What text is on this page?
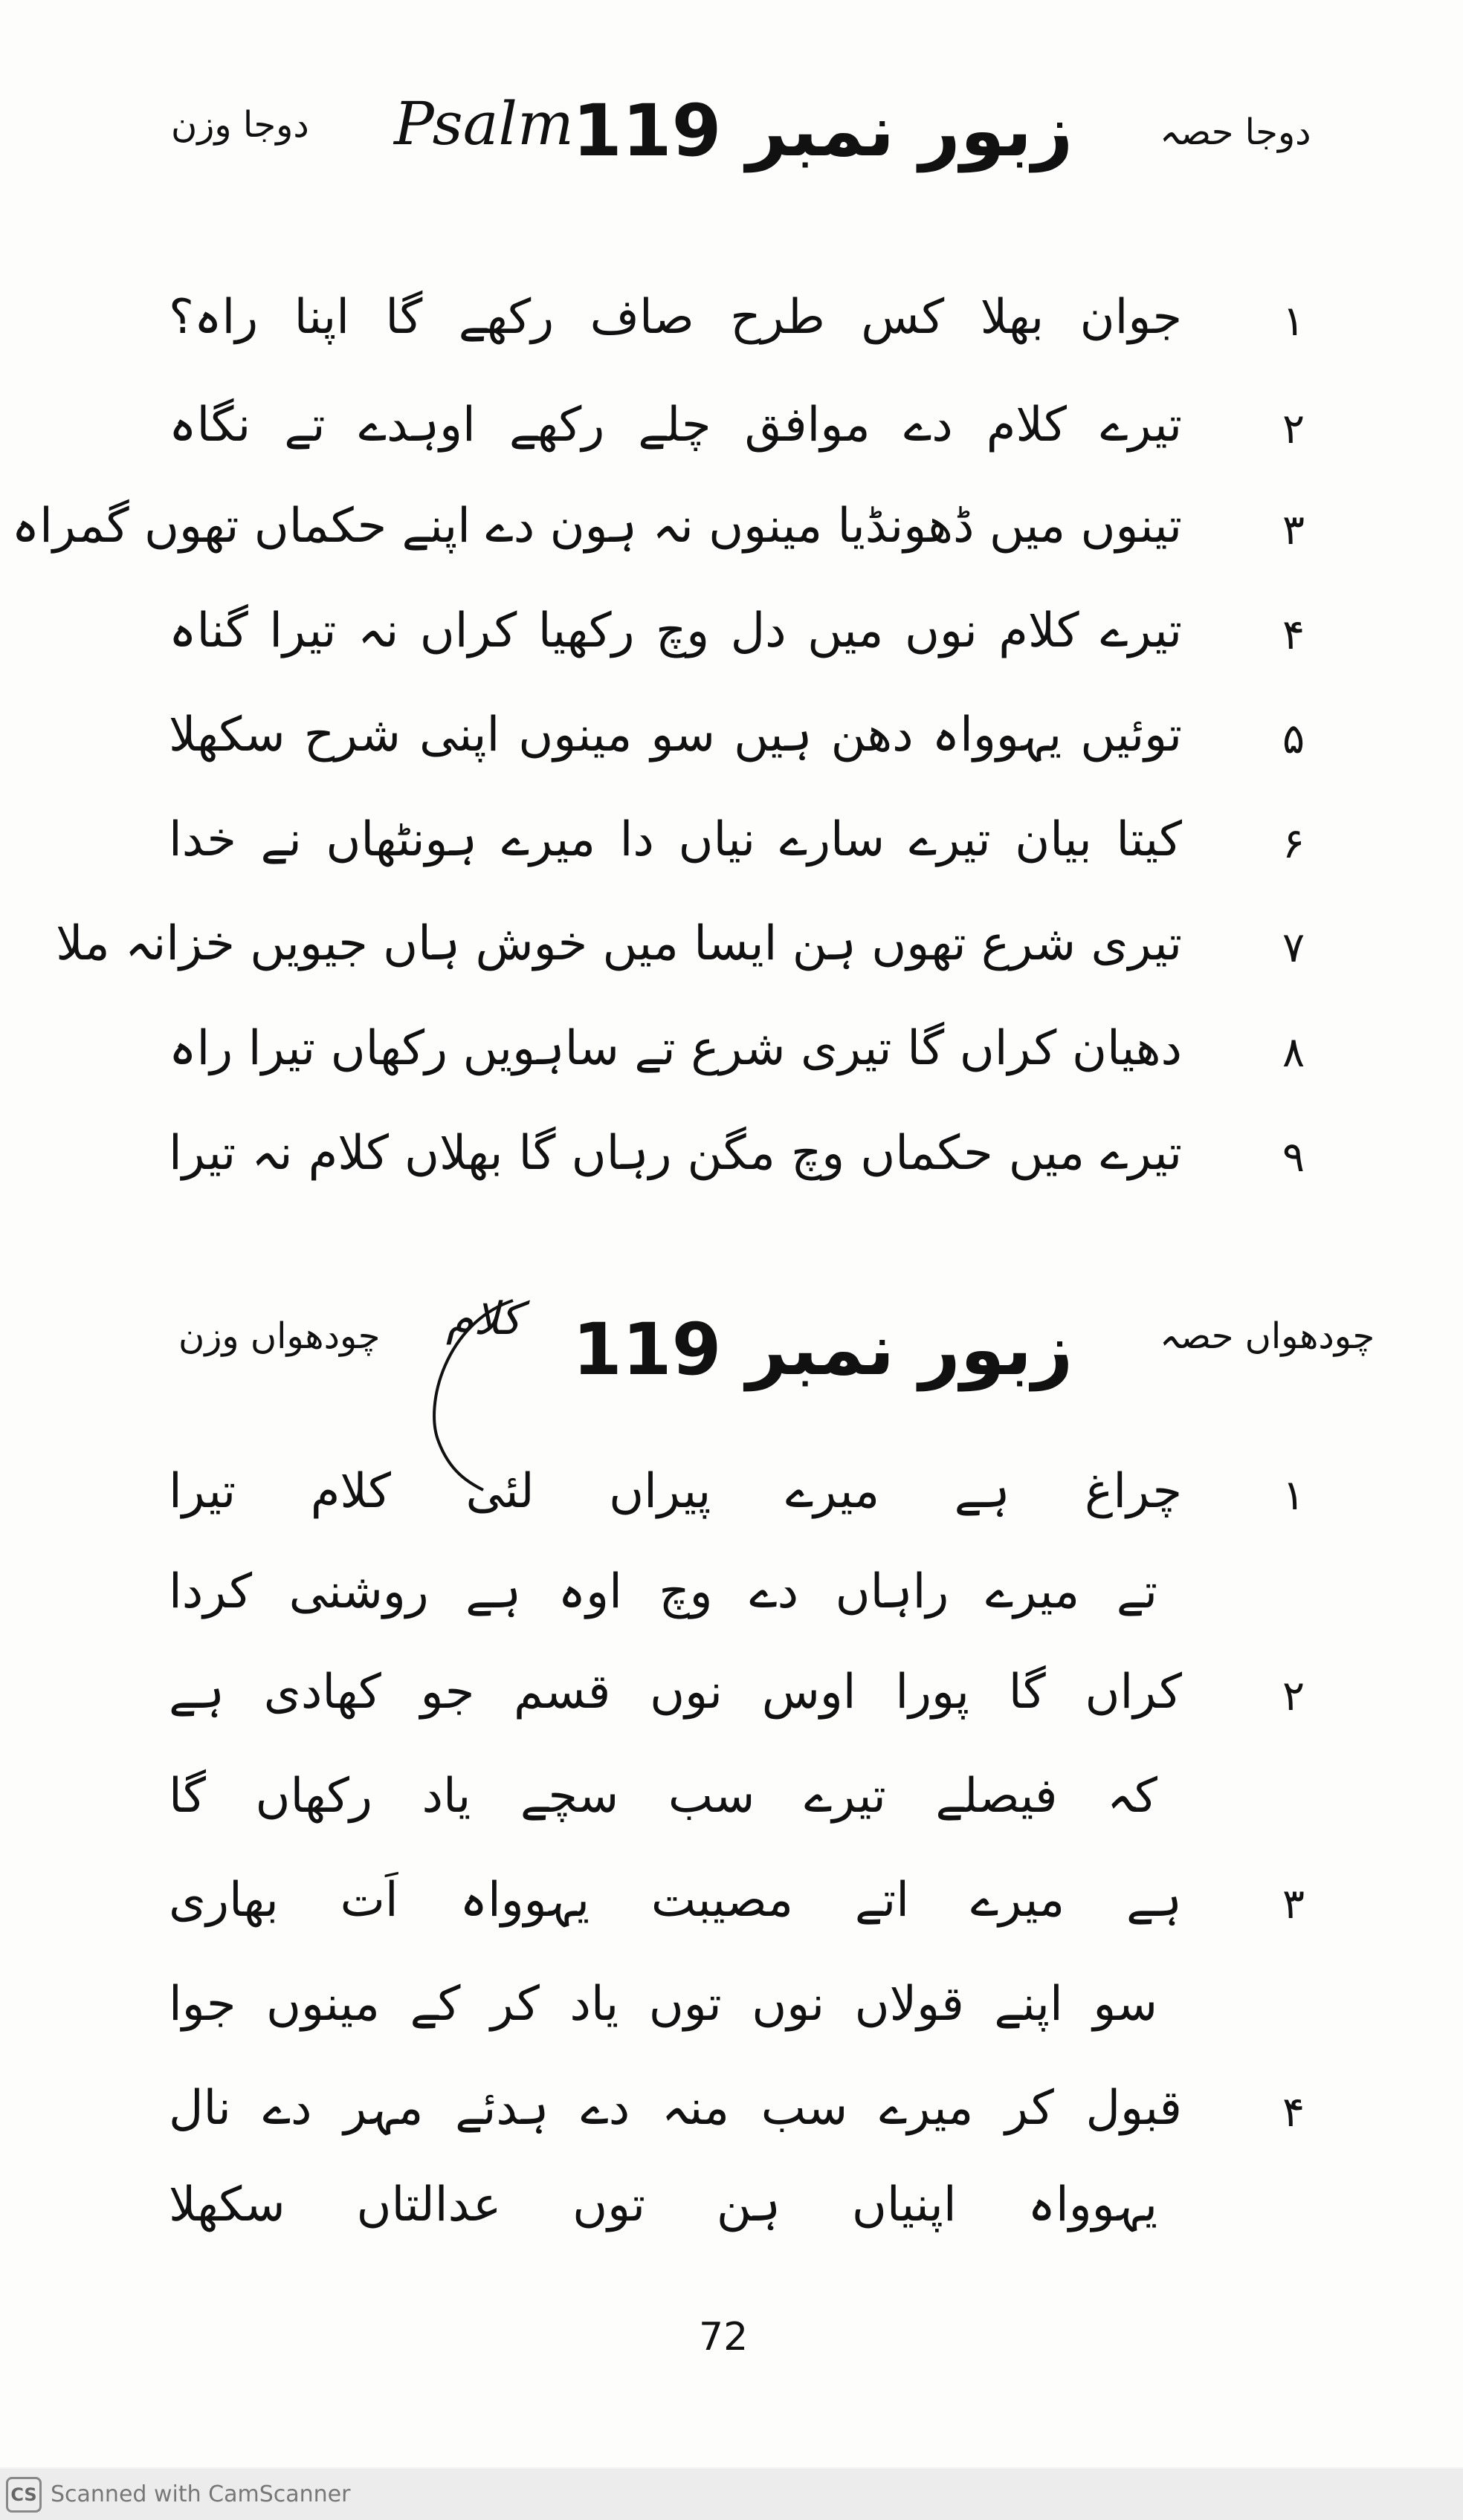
دوجا حصہ
زبور نمبر 119
دوجا وزن Psalm
۱
جوان بھلا کس طرح صاف رکھے گا اپنا راہ؟
۲
تیرے کلام دے موافق چلے رکھے اوہدے تے نگاہ
۳
تینوں میں ڈھونڈیا مینوں نہ ہون دے اپنے حکماں تھوں گمراہ
۴
تیرے کلام نوں میں دل وچ رکھیا کراں نہ تیرا گناہ
۵
توئیں یہوواہ دھن ہیں سو مینوں اپنی شرح سکھلا
۶
کیتا بیان تیرے سارے نیاں دا میرے ہونٹھاں نے خدا
۷
تیری شرع تھوں ہن ایسا میں خوش ہاں جیویں خزانہ ملا
۸
دھیان کراں گا تیری شرع تے ساہویں رکھاں تیرا راہ
۹
تیرے میں حکماں وچ مگن رہاں گا بھلاں کلام نہ تیرا
چودھواں حصہ
زبور نمبر 119
چودھواں وزن کلام
۱
چراغ ہے میرے پیراں لئی کلام تیرا
تے میرے راہاں دے وچ اوہ ہے روشنی کردا
۲
کراں گا پورا اوس نوں قسم جو کھادی ہے
کہ فیصلے تیرے سب سچے یاد رکھاں گا
۳
ہے میرے اتے مصیبت یہوواہ اَت بھاری
سو اپنے قولاں نوں توں یاد کر کے مینوں جوا
۴
قبول کر میرے سب منہ دے ہدئے مہر دے نال
یہوواہ اپنیاں ہن توں عدالتاں سکھلا
72
CS Scanned with CamScanner
